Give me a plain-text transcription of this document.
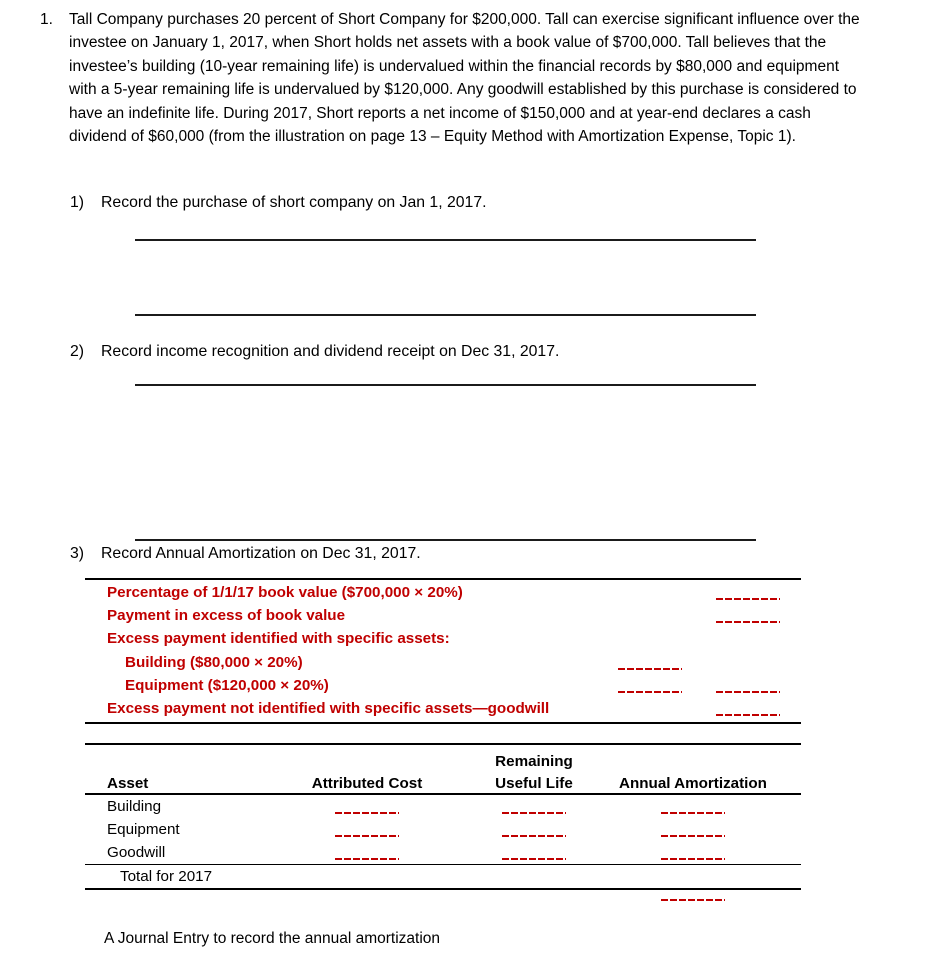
1.	Tall Company purchases 20 percent of Short Company for $200,000. Tall can exercise significant influence over the investee on January 1, 2017, when Short holds net assets with a book value of $700,000. Tall believes that the investee’s building (10-year remaining life) is undervalued within the financial records by $80,000 and equipment with a 5-year remaining life is undervalued by $120,000. Any goodwill established by this purchase is considered to have an indefinite life. During 2017, Short reports a net income of $150,000 and at year-end declares a cash dividend of $60,000 (from the illustration on page 13 – Equity Method with Amortization Expense, Topic 1).
1)	Record the purchase of short company on Jan 1, 2017.
2)	Record income recognition and dividend receipt on Dec 31, 2017.
3)	Record Annual Amortization on Dec 31, 2017.
Percentage of 1/1/17 book value ($700,000 × 20%)
Payment in excess of book value
Excess payment identified with specific assets:
Building ($80,000 × 20%)
Equipment ($120,000 × 20%)
Excess payment not identified with specific assets—goodwill
Remaining
Asset	Attributed Cost	Useful Life	Annual Amortization
Building
Equipment
Goodwill
Total for 2017
A Journal Entry to record the annual amortization
